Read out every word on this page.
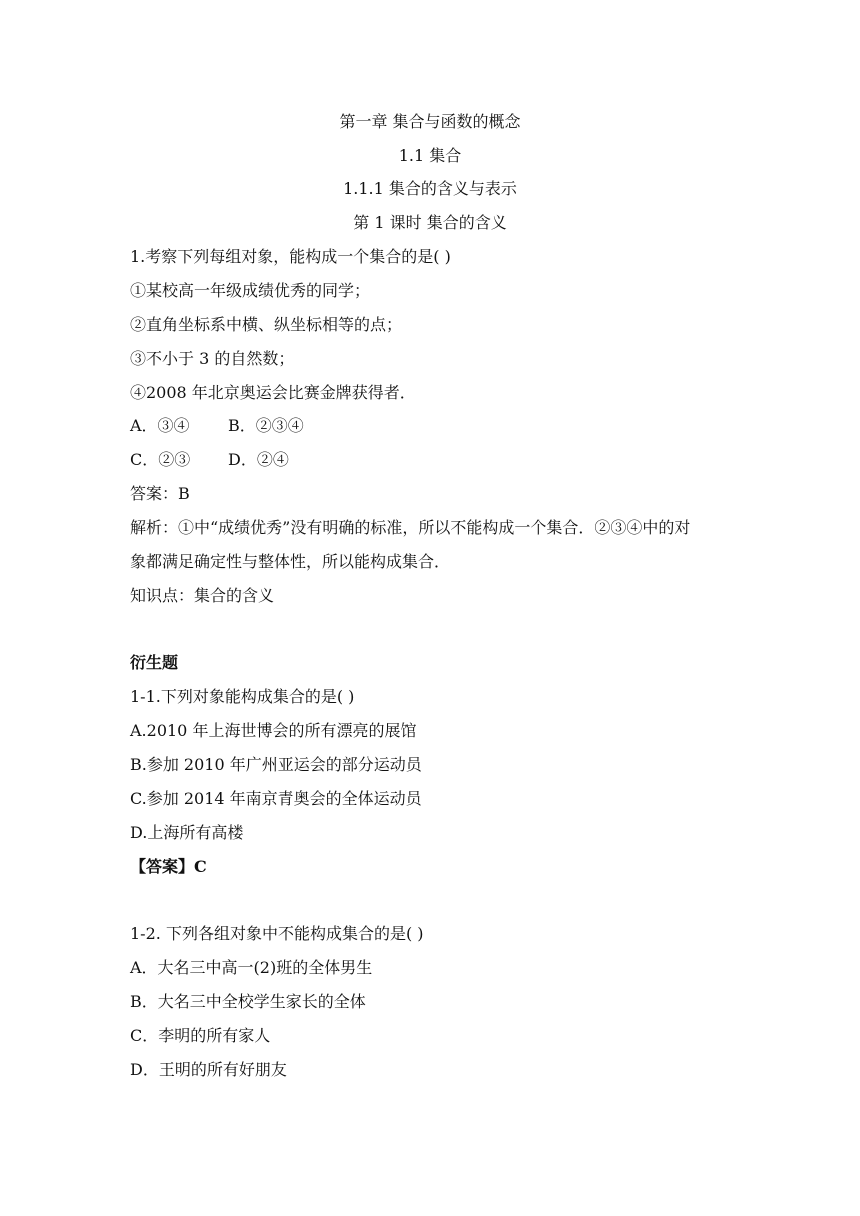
第一章 集合与函数的概念
1.1 集合
1.1.1 集合的含义与表示
第 1 课时 集合的含义
1.考察下列每组对象，能构成一个集合的是( )
①某校高一年级成绩优秀的同学；
②直角坐标系中横、纵坐标相等的点；
③不小于 3 的自然数；
④2008 年北京奥运会比赛金牌获得者．
A．③④ B．②③④
C．②③ D．②④
答案：B
解析：①中“成绩优秀”没有明确的标准，所以不能构成一个集合．②③④中的对
象都满足确定性与整体性，所以能构成集合．
知识点：集合的含义
衍生题
1-1.下列对象能构成集合的是( )
A.2010 年上海世博会的所有漂亮的展馆
B.参加 2010 年广州亚运会的部分运动员
C.参加 2014 年南京青奥会的全体运动员
D.上海所有高楼
【答案】C
1-2. 下列各组对象中不能构成集合的是( )
A．大名三中高一(2)班的全体男生
B．大名三中全校学生家长的全体
C．李明的所有家人
D．王明的所有好朋友
